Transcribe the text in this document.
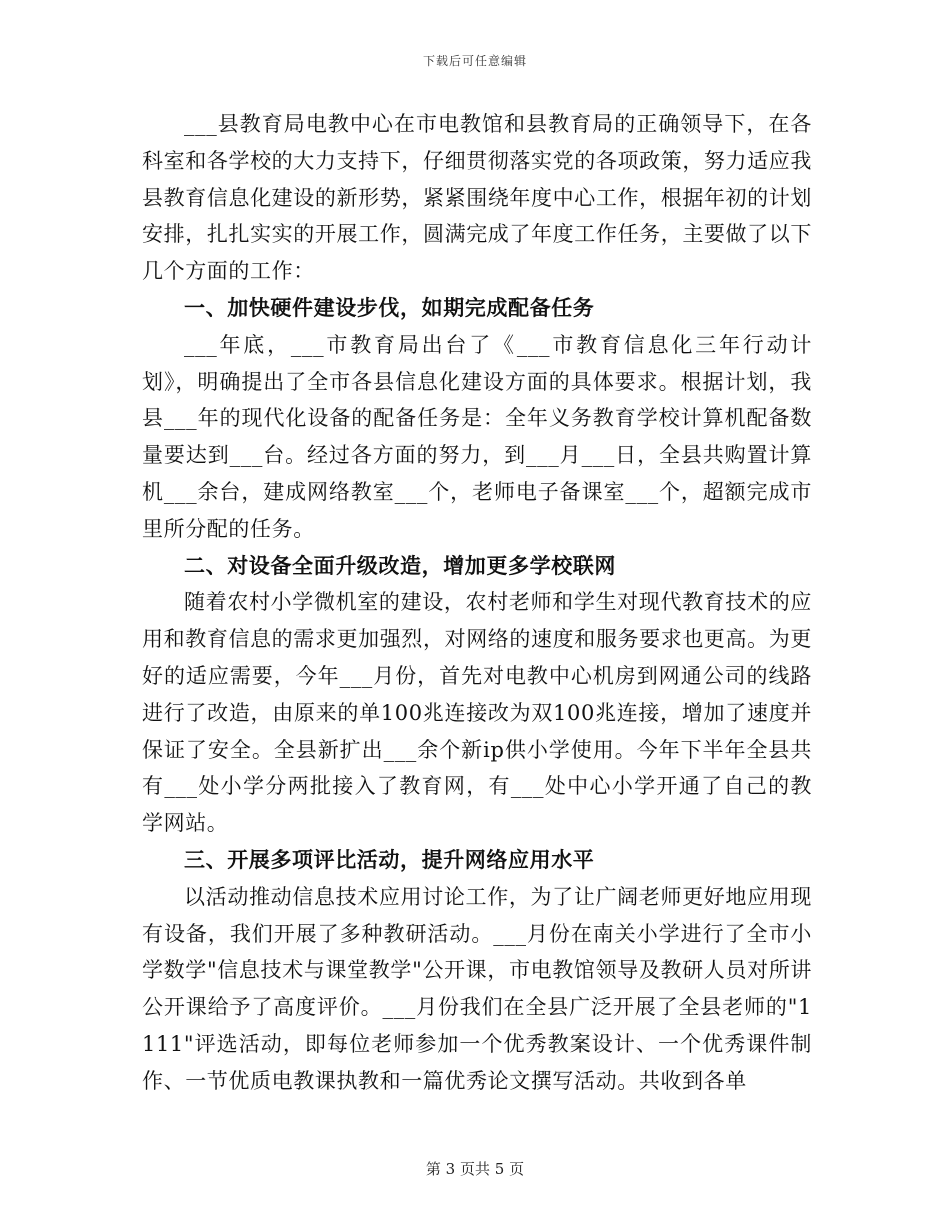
下载后可任意编辑

___县教育局电教中心在市电教馆和县教育局的正确领导下，在各科室和各学校的大力支持下，仔细贯彻落实党的各项政策，努力适应我县教育信息化建设的新形势，紧紧围绕年度中心工作，根据年初的计划安排，扎扎实实的开展工作，圆满完成了年度工作任务，主要做了以下几个方面的工作：

一、加快硬件建设步伐，如期完成配备任务

___年底，___市教育局出台了《___市教育信息化三年行动计划》，明确提出了全市各县信息化建设方面的具体要求。根据计划，我县___年的现代化设备的配备任务是：全年义务教育学校计算机配备数量要达到___台。经过各方面的努力，到___月___日，全县共购置计算机___余台，建成网络教室___个，老师电子备课室___个，超额完成市里所分配的任务。

二、对设备全面升级改造，增加更多学校联网

随着农村小学微机室的建设，农村老师和学生对现代教育技术的应用和教育信息的需求更加强烈，对网络的速度和服务要求也更高。为更好的适应需要，今年___月份，首先对电教中心机房到网通公司的线路进行了改造，由原来的单100兆连接改为双100兆连接，增加了速度并保证了安全。全县新扩出___余个新ip供小学使用。今年下半年全县共有___处小学分两批接入了教育网，有___处中心小学开通了自己的教学网站。

三、开展多项评比活动，提升网络应用水平

以活动推动信息技术应用讨论工作，为了让广阔老师更好地应用现有设备，我们开展了多种教研活动。___月份在南关小学进行了全市小学数学"信息技术与课堂教学"公开课，市电教馆领导及教研人员对所讲公开课给予了高度评价。___月份我们在全县广泛开展了全县老师的"1111"评选活动，即每位老师参加一个优秀教案设计、一个优秀课件制作、一节优质电教课执教和一篇优秀论文撰写活动。共收到各单

第 3 页共 5 页
